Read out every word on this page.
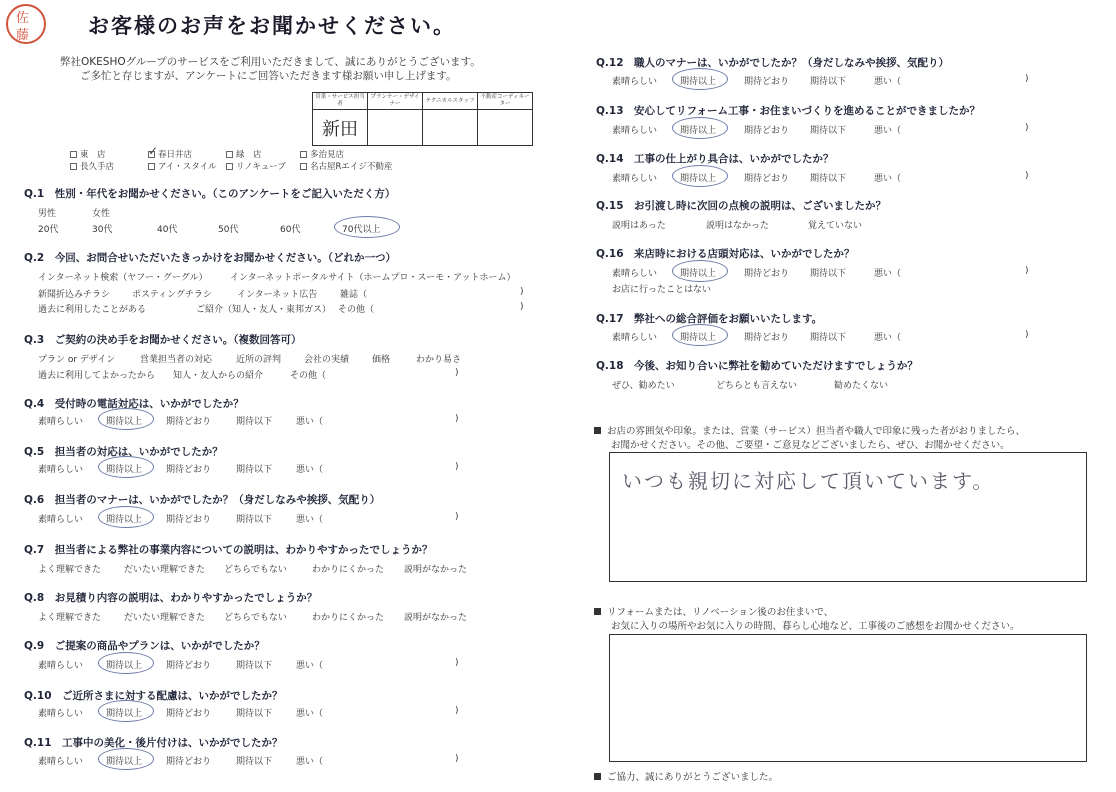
佐
藤	お客様のお声をお聞かせください。
弊社OKESHOグループのサービスをご利用いただきまして、誠にありがとうございます。
ご多忙と存じますが、アンケートにご回答いただきます様お願い申し上げます。
営業・サービス担当者	プランナー・デザイナー	テクニカルスタッフ	不動産コーディネーター
新田			
東　店	春日井店	緑　店	多治見店
長久手店	アイ・スタイル	リノキューブ	名古屋Rエイジ不動産
✓
Q.1　性別・年代をお聞かせください。（このアンケートをご記入いただく方）
男性	女性
20代	30代	40代	50代	60代	70代以上
Q.2　今回、お問合せいただいたきっかけをお聞かせください。（どれか一つ）
インターネット検索（ヤフー・グーグル） インターネットポータルサイト（ホームプロ・スーモ・アットホーム）
新聞折込みチラシ ポスティングチラシ	インターネット広告	雑誌（	)
過去に利用したことがある	ご紹介（知人・友人・東邦ガス） その他（	)
Q.3　ご契約の決め手をお聞かせください。（複数回答可）
プラン or デザイン	営業担当者の対応	近所の評判	会社の実績	価格	わかり易さ
過去に利用してよかったから 知人・友人からの紹介	その他（	)
Q.4　受付時の電話対応は、いかがでしたか？
素晴らしい	期待以上	期待どおり	期待以下	悪い（	)
Q.5　担当者の対応は、いかがでしたか？
素晴らしい	期待以上	期待どおり	期待以下	悪い（	)
Q.6　担当者のマナーは、いかがでしたか？（身だしなみや挨拶、気配り）
素晴らしい	期待以上	期待どおり	期待以下	悪い（	)
Q.7　担当者による弊社の事業内容についての説明は、わかりやすかったでしょうか？
よく理解できた	だいたい理解できた どちらでもない	わかりにくかった 説明がなかった
Q.8　お見積り内容の説明は、わかりやすかったでしょうか？
よく理解できた	だいたい理解できた どちらでもない	わかりにくかった 説明がなかった
Q.9　ご提案の商品やプランは、いかがでしたか？
素晴らしい	期待以上	期待どおり	期待以下	悪い（	)
Q.10　ご近所さまに対する配慮は、いかがでしたか？
素晴らしい	期待以上	期待どおり	期待以下	悪い（	)
Q.11　工事中の美化・後片付けは、いかがでしたか？
素晴らしい	期待以上	期待どおり	期待以下	悪い（	)
Q.12　職人のマナーは、いかがでしたか？（身だしなみや挨拶、気配り）
素晴らしい	期待以上	期待どおり 期待以下	悪い（	)
Q.13　安心してリフォーム工事・お住まいづくりを進めることができましたか？
素晴らしい	期待以上	期待どおり 期待以下	悪い（	)
Q.14　工事の仕上がり具合は、いかがでしたか？
素晴らしい	期待以上	期待どおり 期待以下	悪い（	)
Q.15　お引渡し時に次回の点検の説明は、ございましたか？
説明はあった	説明はなかった	覚えていない
Q.16　来店時における店頭対応は、いかがでしたか？
素晴らしい	期待以上	期待どおり 期待以下	悪い（	)
お店に行ったことはない
Q.17　弊社への総合評価をお願いいたします。
素晴らしい	期待以上	期待どおり 期待以下	悪い（	)
Q.18　今後、お知り合いに弊社を勧めていただけますでしょうか？
ぜひ、勧めたい	どちらとも言えない	勧めたくない
お店の雰囲気や印象。または、営業（サービス）担当者や職人で印象に残った者がおりましたら、
お聞かせください。その他、ご要望・ご意見などございましたら、ぜひ、お聞かせください。
いつも親切に対応して頂いています。
リフォームまたは、リノベーション後のお住まいで、
お気に入りの場所やお気に入りの時間、暮らし心地など、工事後のご感想をお聞かせください。
ご協力、誠にありがとうございました。
